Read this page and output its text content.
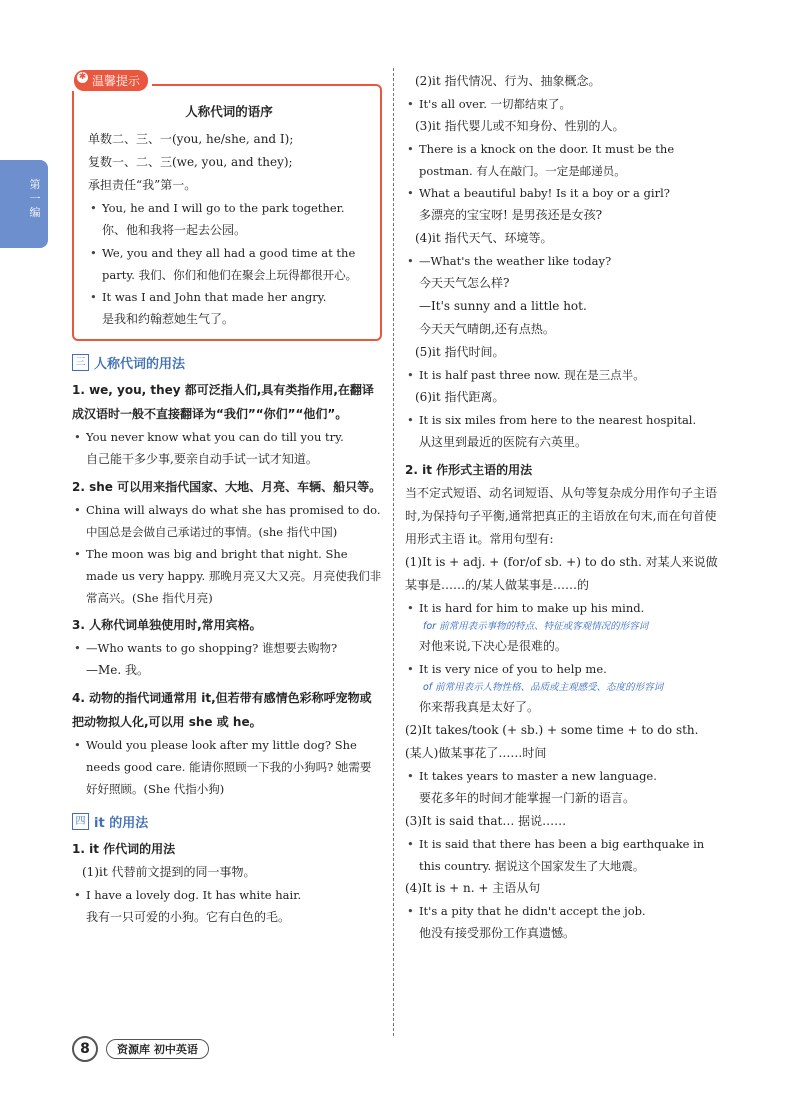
第一编
✱ 温馨提示
人称代词的语序
单数二、三、一(you, he/she, and I);
复数一、二、三(we, you, and they);
承担责任“我”第一。
• You, he and I will go to the park together.
你、他和我将一起去公园。
• We, you and they all had a good time at the party. 我们、你们和他们在聚会上玩得都很开心。
• It was I and John that made her angry.
是我和约翰惹她生气了。
三 人称代词的用法
1. we, you, they 都可泛指人们,具有类指作用,在翻译成汉语时一般不直接翻译为“我们”“你们”“他们”。
• You never know what you can do till you try.
自己能干多少事,要亲自动手试一试才知道。
2. she 可以用来指代国家、大地、月亮、车辆、船只等。
• China will always do what she has promised to do. 中国总是会做自己承诺过的事情。(she 指代中国)
• The moon was big and bright that night. She made us very happy. 那晚月亮又大又亮。月亮使我们非常高兴。(She 指代月亮)
3. 人称代词单独使用时,常用宾格。
• —Who wants to go shopping? 谁想要去购物?
—Me. 我。
4. 动物的指代词通常用 it,但若带有感情色彩称呼宠物或把动物拟人化,可以用 she 或 he。
• Would you please look after my little dog? She needs good care. 能请你照顾一下我的小狗吗? 她需要好好照顾。(She 代指小狗)
四 it 的用法
1. it 作代词的用法
(1)it 代替前文提到的同一事物。
• I have a lovely dog. It has white hair.
我有一只可爱的小狗。它有白色的毛。
(2)it 指代情况、行为、抽象概念。
• It's all over. 一切都结束了。
(3)it 指代婴儿或不知身份、性别的人。
• There is a knock on the door. It must be the postman. 有人在敲门。一定是邮递员。
• What a beautiful baby! Is it a boy or a girl?
多漂亮的宝宝呀! 是男孩还是女孩?
(4)it 指代天气、环境等。
• —What's the weather like today?
今天天气怎么样?
—It's sunny and a little hot.
今天天气晴朗,还有点热。
(5)it 指代时间。
• It is half past three now. 现在是三点半。
(6)it 指代距离。
• It is six miles from here to the nearest hospital.
从这里到最近的医院有六英里。
2. it 作形式主语的用法
当不定式短语、动名词短语、从句等复杂成分用作句子主语时,为保持句子平衡,通常把真正的主语放在句末,而在句首使用形式主语 it。常用句型有:
(1)It is + adj. + (for/of sb. +) to do sth. 对某人来说做某事是……的/某人做某事是……的
• It is hard for him to make up his mind.
for 前常用表示事物的特点、特征或客观情况的形容词
对他来说,下决心是很难的。
• It is very nice of you to help me.
of 前常用表示人物性格、品质或主观感受、态度的形容词
你来帮我真是太好了。
(2)It takes/took (+ sb.) + some time + to do sth.
(某人)做某事花了……时间
• It takes years to master a new language.
要花多年的时间才能掌握一门新的语言。
(3)It is said that… 据说……
• It is said that there has been a big earthquake in this country. 据说这个国家发生了大地震。
(4)It is + n. + 主语从句
• It's a pity that he didn't accept the job.
他没有接受那份工作真遗憾。
8	资源库 初中英语
